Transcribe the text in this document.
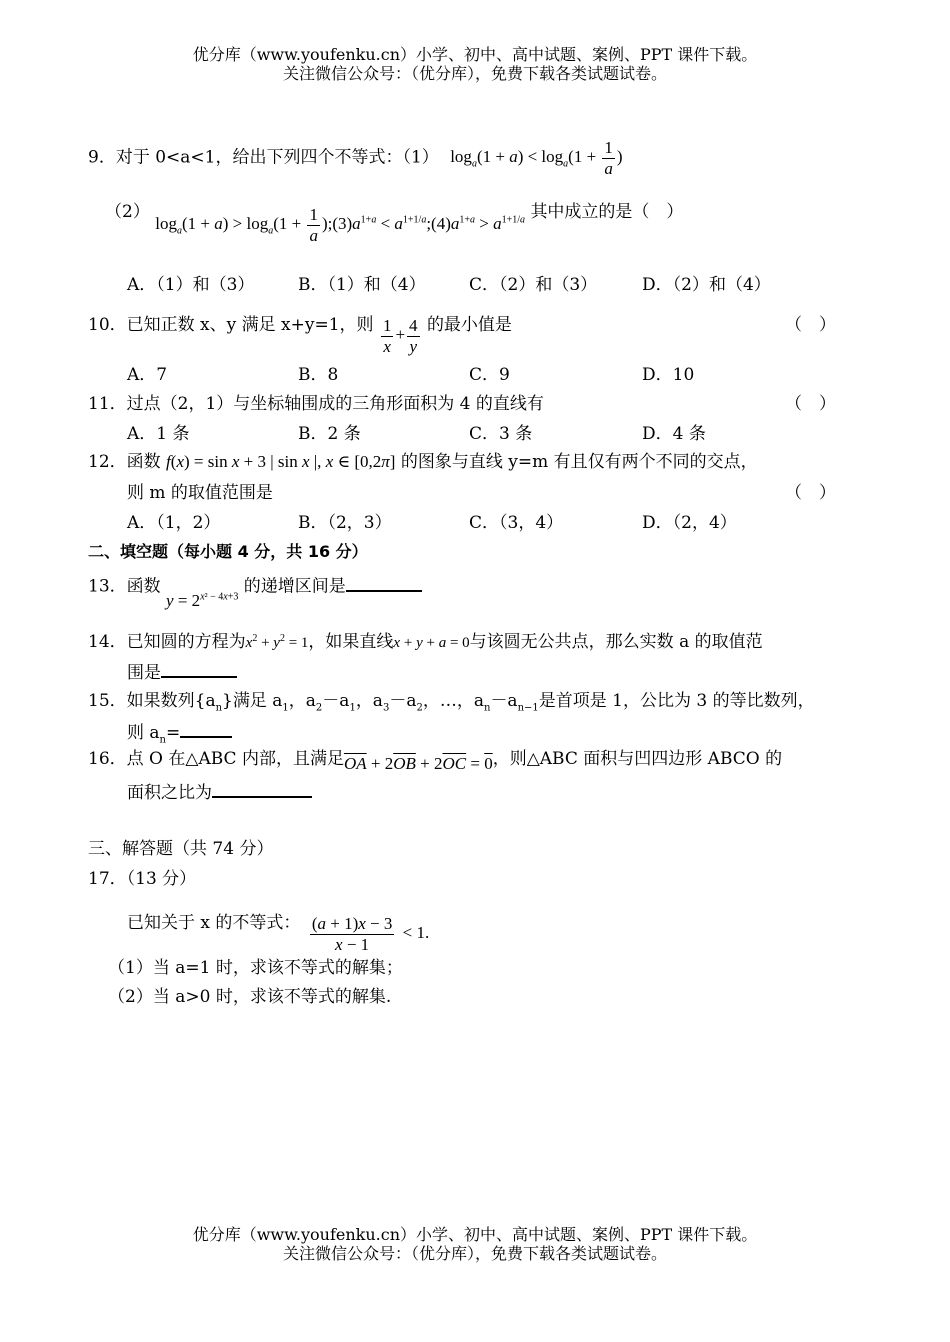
优分库（www.youfenku.cn）小学、初中、高中试题、案例、PPT 课件下载。
关注微信公众号：（优分库），免费下载各类试题试卷。
9．对于 0<a<1，给出下列四个不等式：（1） $\log_a(1 + a) < \log_a(1 + \frac{1}{a}$ )
（2） $\log_a(1 + a) > \log_a(1 + \frac{1}{a}$ )$;(3)a^{1+a}$ < $a^{1+1/a};(4)a^{1+a} > a^{1+1/a}$ 其中成立的是（　）
A．（1）和（3）	B．（1）和（4）	C．（2）和（3）	D．（2）和（4）
10．已知正数 x、y 满足 x+y=1，则 $\frac{1}{x} + \frac{4}{y}$ 的最小值是	（　）
A．7	B．8	C．9	D．10
11．过点（2，1）与坐标轴围成的三角形面积为 4 的直线有	（　）
A．1 条	B．2 条	C．3 条	D．4 条
12．函数 f(x) = sin x + 3 | sin x |, x ∈ [0,2π] 的图象与直线 y=m 有且仅有两个不同的交点，
则 m 的取值范围是	（　）
A．（1，2）	B．（2，3）	C．（3，4）	D．（2，4）
二、填空题（每小题 4 分，共 16 分）
13．函数 $y = 2^{x^2 - 4x+3}$ 的递增区间是
14．已知圆的方程为$x^2 + y^2 = 1$，如果直线x + y + a = 0与该圆无公共点，那么实数 a 的取值范
围是
15．如果数列$\{a_n\}$满足 $a_1$，$a_2-a_1$，$a_3-a_2$，…，$a_n-a_{n-1}$是首项是 1，公比为 3 的等比数列，
则 $a_n=$
16．点 O 在△ABC 内部，且满足$\overline{OA} + 2\overline{OB} + 2\overline{OC} = 0$，则△ABC 面积与凹四边形 ABCO 的
面积之比为
三、解答题（共 74 分）
17．（13 分）
已知关于 x 的不等式： $\frac{(a + 1)x - 3}{x - 1} < 1$.
（1）当 a=1 时，求该不等式的解集；
（2）当 a>0 时，求该不等式的解集.
优分库（www.youfenku.cn）小学、初中、高中试题、案例、PPT 课件下载。
关注微信公众号：（优分库），免费下载各类试题试卷。
